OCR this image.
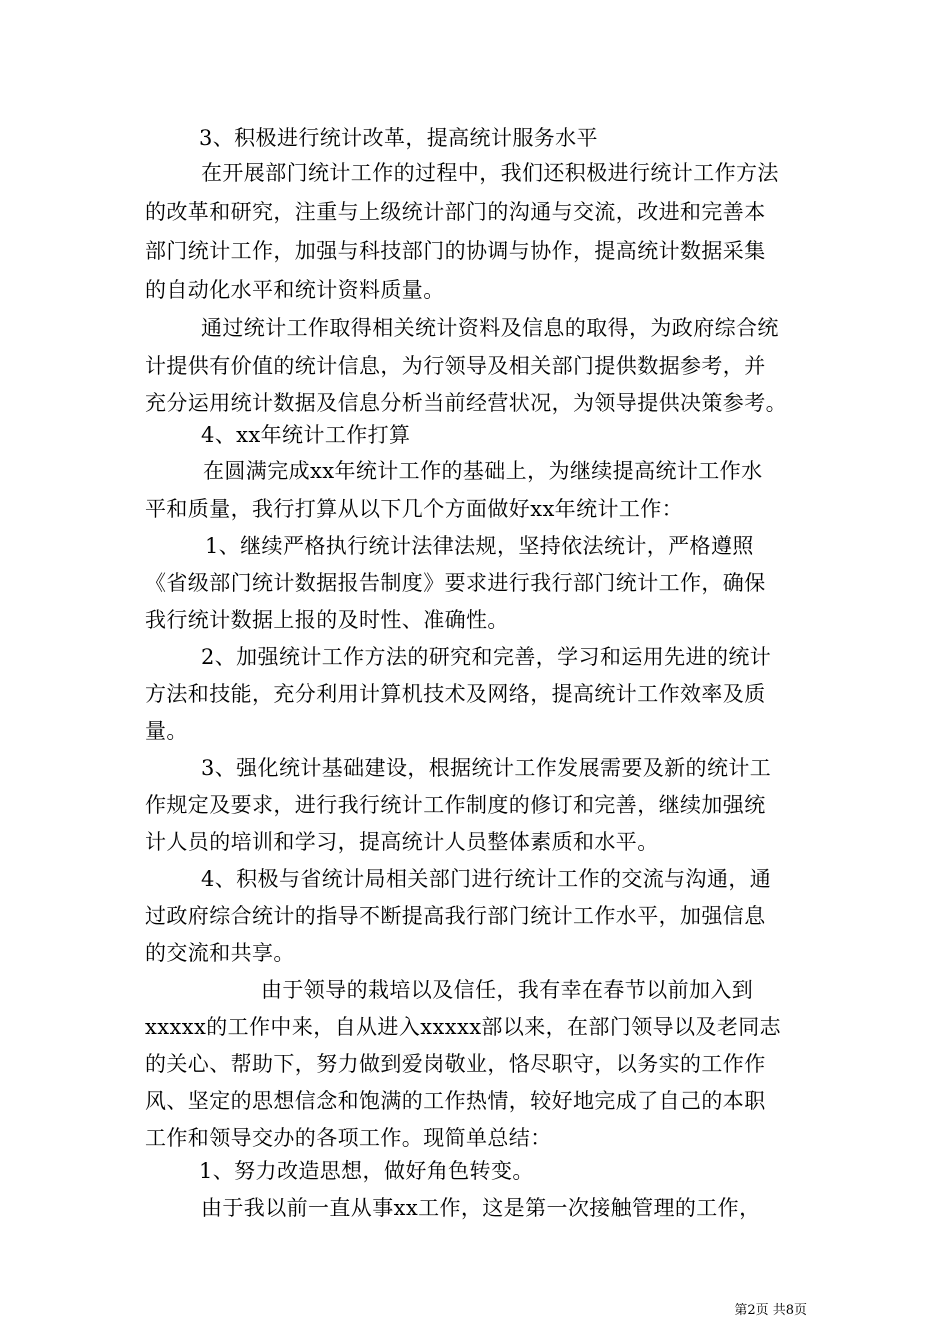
3、积极进行统计改革，提高统计服务水平
在开展部门统计工作的过程中，我们还积极进行统计工作方法
的改革和研究，注重与上级统计部门的沟通与交流，改进和完善本
部门统计工作，加强与科技部门的协调与协作，提高统计数据采集
的自动化水平和统计资料质量。
通过统计工作取得相关统计资料及信息的取得，为政府综合统
计提供有价值的统计信息，为行领导及相关部门提供数据参考，并
充分运用统计数据及信息分析当前经营状况，为领导提供决策参考。
4、xx年统计工作打算
在圆满完成xx年统计工作的基础上，为继续提高统计工作水
平和质量，我行打算从以下几个方面做好xx年统计工作：
1、继续严格执行统计法律法规，坚持依法统计，严格遵照
《省级部门统计数据报告制度》要求进行我行部门统计工作，确保
我行统计数据上报的及时性、准确性。
2、加强统计工作方法的研究和完善，学习和运用先进的统计
方法和技能，充分利用计算机技术及网络，提高统计工作效率及质
量。
3、强化统计基础建设，根据统计工作发展需要及新的统计工
作规定及要求，进行我行统计工作制度的修订和完善，继续加强统
计人员的培训和学习，提高统计人员整体素质和水平。
4、积极与省统计局相关部门进行统计工作的交流与沟通，通
过政府综合统计的指导不断提高我行部门统计工作水平，加强信息
的交流和共享。
由于领导的栽培以及信任，我有幸在春节以前加入到
xxxxx的工作中来，自从进入xxxxx部以来，在部门领导以及老同志
的关心、帮助下，努力做到爱岗敬业，恪尽职守，以务实的工作作
风、坚定的思想信念和饱满的工作热情，较好地完成了自己的本职
工作和领导交办的各项工作。现简单总结：
1、努力改造思想，做好角色转变。
由于我以前一直从事xx工作，这是第一次接触管理的工作，
第2页 共8页
